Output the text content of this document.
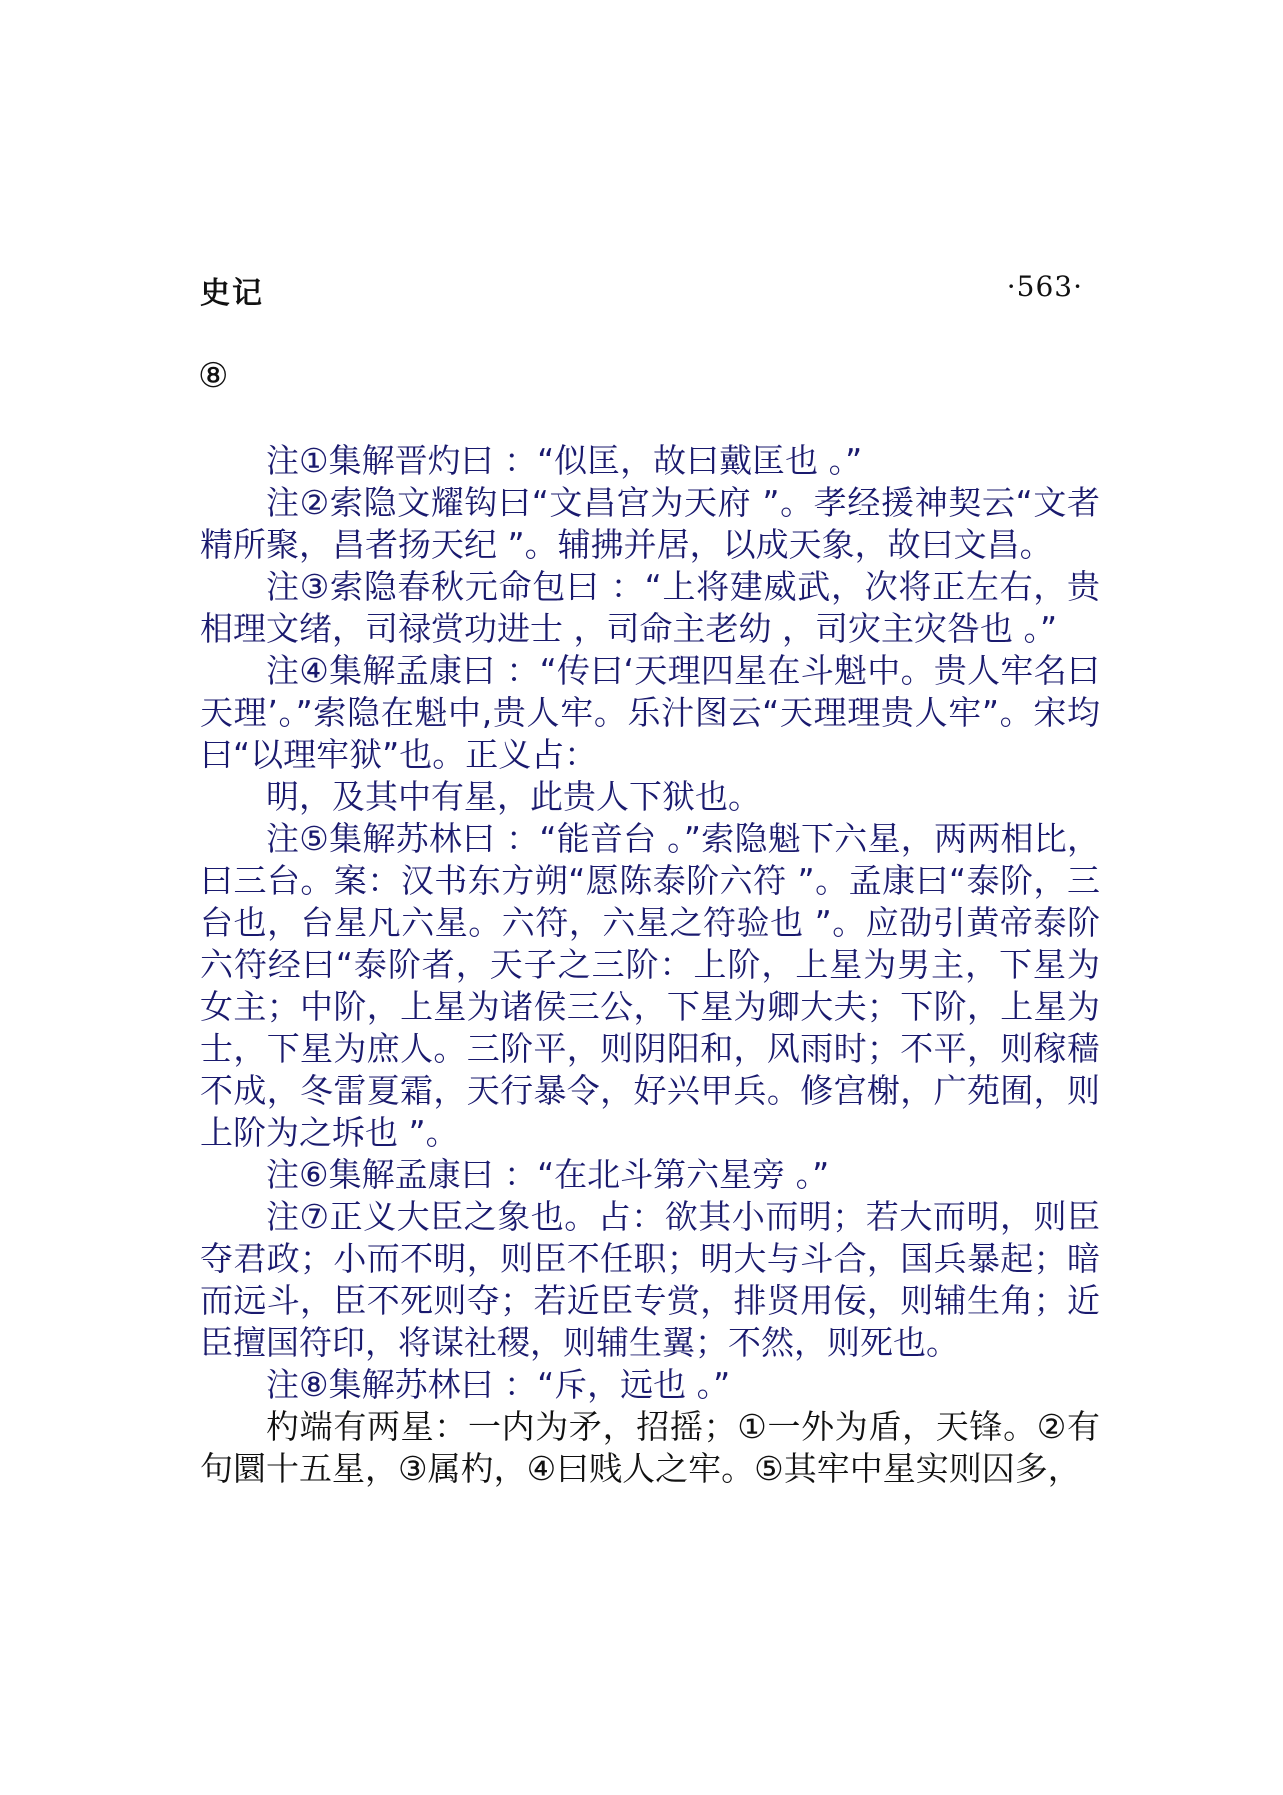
史记	·563·
⑧

注①集解晋灼曰 ：“似匡，故曰戴匡也 。”

注②索隐文耀钩曰“文昌宫为天府 ”。孝经援神契云“文者精所聚，昌者扬天纪 ”。辅拂并居，以成天象，故曰文昌。

注③索隐春秋元命包曰 ：“上将建威武，次将正左右，贵相理文绪，司禄赏功进士 ，司命主老幼 ，司灾主灾咎也 。”

注④集解孟康曰 ：“传曰‘天理四星在斗魁中。贵人牢名曰天理’。”索隐在魁中,贵人牢。乐汁图云“天理理贵人牢”。宋均曰“以理牢狱”也。正义占：

明，及其中有星，此贵人下狱也。

注⑤集解苏林曰 ：“能音台 。”索隐魁下六星，两两相比，曰三台。案：汉书东方朔“愿陈泰阶六符 ”。孟康曰“泰阶，三台也，台星凡六星。六符，六星之符验也 ”。应劭引黄帝泰阶六符经曰“泰阶者，天子之三阶：上阶，上星为男主，下星为女主；中阶，上星为诸侯三公，下星为卿大夫；下阶，上星为士，下星为庶人。三阶平，则阴阳和，风雨时；不平，则稼穑不成，冬雷夏霜，天行暴令，好兴甲兵。修宫榭，广苑囿，则上阶为之坼也 ”。

注⑥集解孟康曰 ：“在北斗第六星旁 。”

注⑦正义大臣之象也。占：欲其小而明；若大而明，则臣夺君政；小而不明，则臣不任职；明大与斗合，国兵暴起；暗而远斗，臣不死则夺；若近臣专赏，排贤用佞，则辅生角；近臣擅国符印，将谋社稷，则辅生翼；不然，则死也。

注⑧集解苏林曰 ：“斥，远也 。”

杓端有两星：一内为矛，招摇；①一外为盾，天锋。②有句圜十五星，③属杓，④曰贱人之牢。⑤其牢中星实则囚多，
